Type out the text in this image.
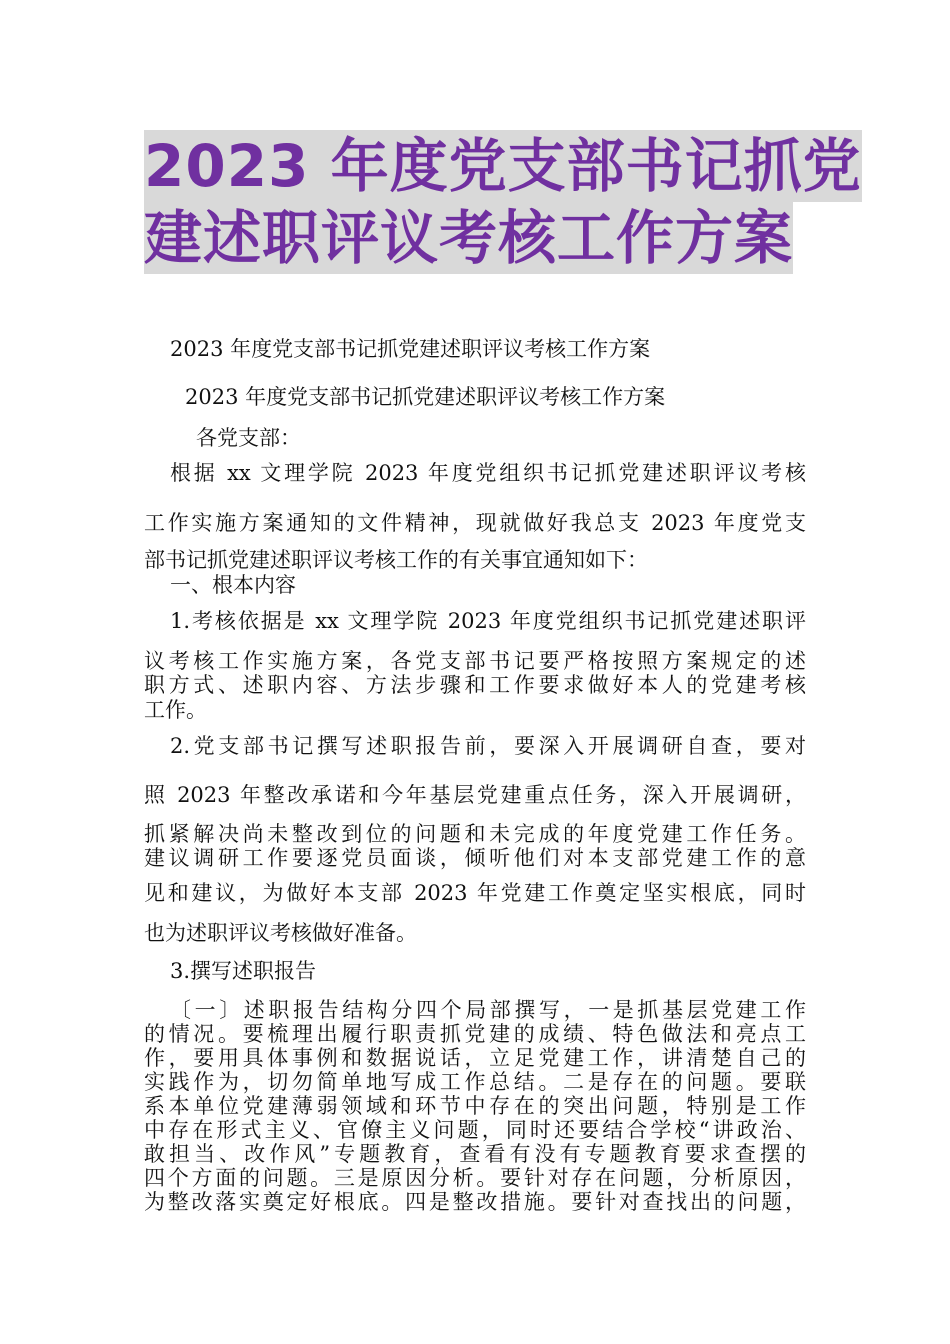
2023 年度党支部书记抓党
建述职评议考核工作方案
2023 年度党支部书记抓党建述职评议考核工作方案
2023 年度党支部书记抓党建述职评议考核工作方案
各党支部：
根据 xx 文理学院 2023 年度党组织书记抓党建述职评议考核
工作实施方案通知的文件精神，现就做好我总支 2023 年度党支
部书记抓党建述职评议考核工作的有关事宜通知如下：
一、根本内容
1.考核依据是 xx 文理学院 2023 年度党组织书记抓党建述职评
议考核工作实施方案，各党支部书记要严格按照方案规定的述
职方式、述职内容、方法步骤和工作要求做好本人的党建考核
工作。
2.党支部书记撰写述职报告前，要深入开展调研自查，要对
照 2023 年整改承诺和今年基层党建重点任务，深入开展调研，
抓紧解决尚未整改到位的问题和未完成的年度党建工作任务。
建议调研工作要逐党员面谈，倾听他们对本支部党建工作的意
见和建议，为做好本支部 2023 年党建工作奠定坚实根底，同时
也为述职评议考核做好准备。
3.撰写述职报告
〔一〕述职报告结构分四个局部撰写，一是抓基层党建工作
的情况。要梳理出履行职责抓党建的成绩、特色做法和亮点工
作，要用具体事例和数据说话，立足党建工作，讲清楚自己的
实践作为，切勿简单地写成工作总结。二是存在的问题。要联
系本单位党建薄弱领域和环节中存在的突出问题，特别是工作
中存在形式主义、官僚主义问题，同时还要结合学校“讲政治、
敢担当、改作风”专题教育，查看有没有专题教育要求查摆的
四个方面的问题。三是原因分析。要针对存在问题，分析原因，
为整改落实奠定好根底。四是整改措施。要针对查找出的问题，
